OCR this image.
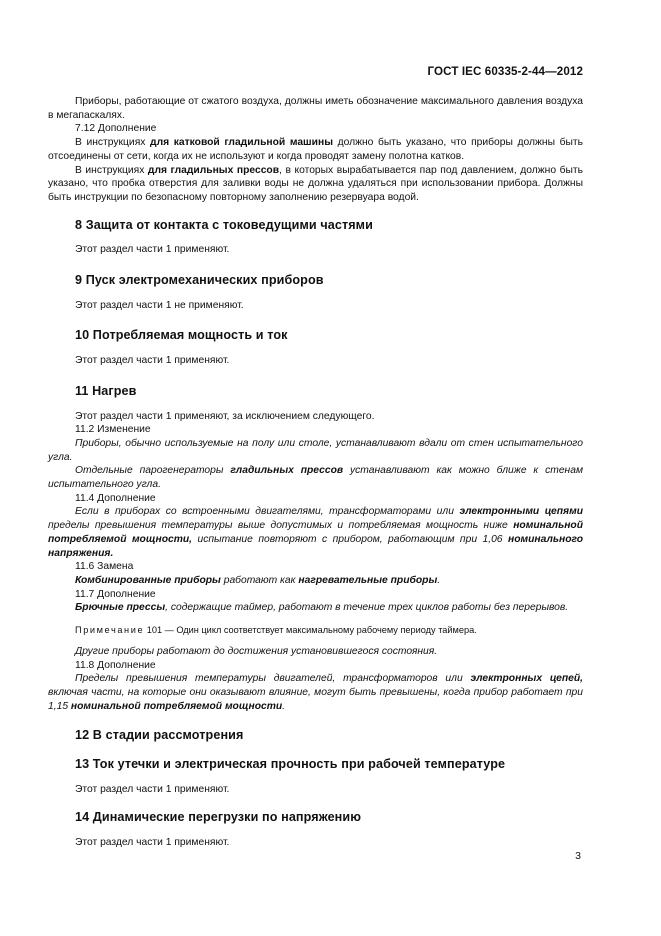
ГОСТ IEC 60335-2-44—2012

Приборы, работающие от сжатого воздуха, должны иметь обозначение максимального давления воздуха в мегапаскалях.

7.12 Дополнение

В инструкциях для катковой гладильной машины должно быть указано, что приборы должны быть отсоединены от сети, когда их не используют и когда проводят замену полотна катков.

В инструкциях для гладильных прессов, в которых вырабатывается пар под давлением, должно быть указано, что пробка отверстия для заливки воды не должна удаляться при использовании прибора. Должны быть инструкции по безопасному повторному заполнению резервуара водой.

8 Защита от контакта с токоведущими частями

Этот раздел части 1 применяют.

9 Пуск электромеханических приборов

Этот раздел части 1 не применяют.

10 Потребляемая мощность и ток

Этот раздел части 1 применяют.

11 Нагрев

Этот раздел части 1 применяют, за исключением следующего.

11.2 Изменение

Приборы, обычно используемые на полу или столе, устанавливают вдали от стен испытательного угла.

Отдельные парогенераторы гладильных прессов устанавливают как можно ближе к стенам испытательного угла.

11.4 Дополнение

Если в приборах со встроенными двигателями, трансформаторами или электронными цепями пределы превышения температуры выше допустимых и потребляемая мощность ниже номинальной потребляемой мощности, испытание повторяют с прибором, работающим при 1,06 номинального напряжения.

11.6 Замена

Комбинированные приборы работают как нагревательные приборы.

11.7 Дополнение

Брючные прессы, содержащие таймер, работают в течение трех циклов работы без перерывов.

Примечание 101 — Один цикл соответствует максимальному рабочему периоду таймера.

Другие приборы работают до достижения установившегося состояния.

11.8 Дополнение

Пределы превышения температуры двигателей, трансформаторов или электронных цепей, включая части, на которые они оказывают влияние, могут быть превышены, когда прибор работает при 1,15 номинальной потребляемой мощности.

12 В стадии рассмотрения
13 Ток утечки и электрическая прочность при рабочей температуре

Этот раздел части 1 применяют.

14 Динамические перегрузки по напряжению

Этот раздел части 1 применяют.

3
